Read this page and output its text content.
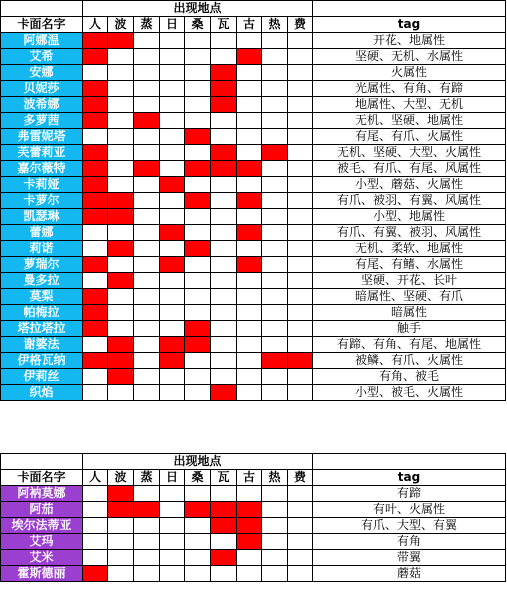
	出现地点									
卡面名字	人	波	蒸	日	桑	瓦	古	热	费	tag
阿娜温										开花、地属性
艾希										坚硬、无机、水属性
安娜										火属性
贝妮莎										光属性、有角、有蹄
波希娜										地属性、大型、无机
多萝茜										无机、坚硬、地属性
弗雷妮塔										有尾、有爪、火属性
芙蕾莉亚										无机、坚硬、大型、火属性
嘉尔薇特										被毛、有爪、有尾、风属性
卡莉娅										小型、蘑菇、火属性
卡萝尔										有爪、被羽、有翼、风属性
凯瑟琳										小型、地属性
蕾娜										有爪、有翼、被羽、风属性
莉诺										无机、柔软、地属性
萝瑞尔										有尾、有鳍、水属性
曼多拉										坚硬、开花、长叶
莫梨										暗属性、坚硬、有爪
帕梅拉										暗属性
塔拉塔拉										触手
谢婆法										有蹄、有角、有尾、地属性
伊格瓦纳										被鳞、有爪、火属性
伊莉丝										有角、被毛
织焰										小型、被毛、火属性
	出现地点									
卡面名字	人	波	蒸	日	桑	瓦	古	热	费	tag
阿衲莫娜										有蹄
阿茄										有叶、火属性
埃尔法蒂亚										有爪、大型、有翼
艾玛										有角
艾米										带翼
霍斯德丽										蘑菇
